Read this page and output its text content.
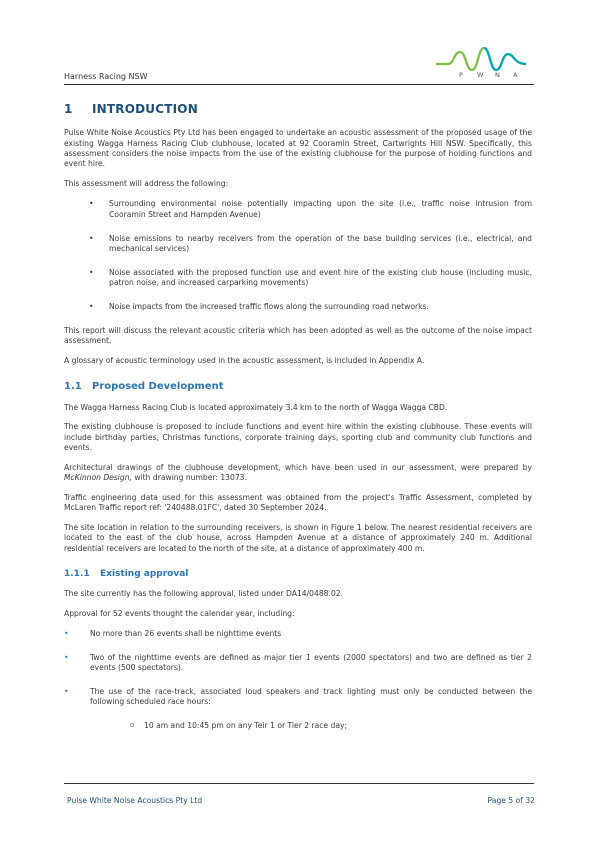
Harness Racing NSW	P W N A
1 INTRODUCTION

Pulse White Noise Acoustics Pty Ltd has been engaged to undertake an acoustic assessment of the proposed usage of the existing Wagga Harness Racing Club clubhouse, located at 92 Cooramin Street, Cartwrights Hill NSW. Specifically, this assessment considers the noise impacts from the use of the existing clubhouse for the purpose of holding functions and event hire.

This assessment will address the following:

• Surrounding environmental noise potentially impacting upon the site (i.e., traffic noise intrusion from Cooramin Street and Hampden Avenue)
• Noise emissions to nearby receivers from the operation of the base building services (i.e., electrical, and mechanical services)
• Noise associated with the proposed function use and event hire of the existing club house (including music, patron noise, and increased carparking movements)
• Noise impacts from the increased traffic flows along the surrounding road networks.

This report will discuss the relevant acoustic criteria which has been adopted as well as the outcome of the noise impact assessment.

A glossary of acoustic terminology used in the acoustic assessment, is included in Appendix A.

1.1 Proposed Development

The Wagga Harness Racing Club is located approximately 3.4 km to the north of Wagga Wagga CBD.

The existing clubhouse is proposed to include functions and event hire within the existing clubhouse. These events will include birthday parties, Christmas functions, corporate training days, sporting club and community club functions and events.

Architectural drawings of the clubhouse development, which have been used in our assessment, were prepared by McKinnon Design, with drawing number: 13073.

Traffic engineering data used for this assessment was obtained from the project's Traffic Assessment, completed by McLaren Traffic report ref: '240488.01FC', dated 30 September 2024.

The site location in relation to the surrounding receivers, is shown in Figure 1 below. The nearest residential receivers are located to the east of the club house, across Hampden Avenue at a distance of approximately 240 m. Additional residential receivers are located to the north of the site, at a distance of approximately 400 m.

1.1.1 Existing approval

The site currently has the following approval, listed under DA14/0488.02.

Approval for 52 events thought the calendar year, including:

•	No more than 26 events shall be nighttime events
•	Two of the nighttime events are defined as major tier 1 events (2000 spectators) and two are defined as tier 2 events (500 spectators).
•	The use of the race-track, associated loud speakers and track lighting must only be conducted between the following scheduled race hours:
o 10 am and 10:45 pm on any Teir 1 or Tier 2 race day;
Pulse White Noise Acoustics Pty Ltd	Page 5 of 32
